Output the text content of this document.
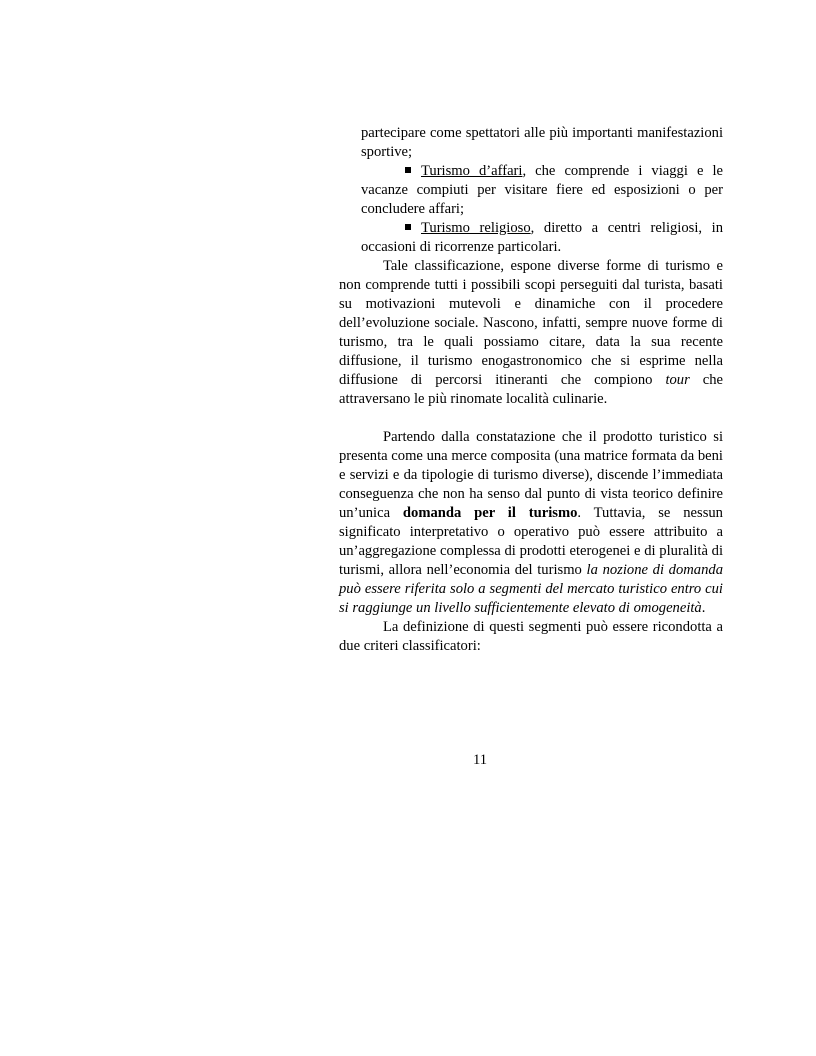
partecipare come spettatori alle più importanti manifestazioni sportive;

Turismo d’affari, che comprende i viaggi e le vacanze compiuti per visitare fiere ed esposizioni o per concludere affari;

Turismo religioso, diretto a centri religiosi, in occasioni di ricorrenze particolari.

Tale classificazione, espone diverse forme di turismo e non comprende tutti i possibili scopi perseguiti dal turista, basati su motivazioni mutevoli e dinamiche con il procedere dell’evoluzione sociale. Nascono, infatti, sempre nuove forme di turismo, tra le quali possiamo citare, data la sua recente diffusione, il turismo enogastronomico che si esprime nella diffusione di percorsi itineranti che compiono tour che attraversano le più rinomate località culinarie.

Partendo dalla constatazione che il prodotto turistico si presenta come una merce composita (una matrice formata da beni e servizi e da tipologie di turismo diverse), discende l’immediata conseguenza che non ha senso dal punto di vista teorico definire un’unica domanda per il turismo. Tuttavia, se nessun significato interpretativo o operativo può essere attribuito a un’aggregazione complessa di prodotti eterogenei e di pluralità di turismi, allora nell’economia del turismo la nozione di domanda può essere riferita solo a segmenti del mercato turistico entro cui si raggiunge un livello sufficientemente elevato di omogeneità.

La definizione di questi segmenti può essere ricondotta a due criteri classificatori:

11
